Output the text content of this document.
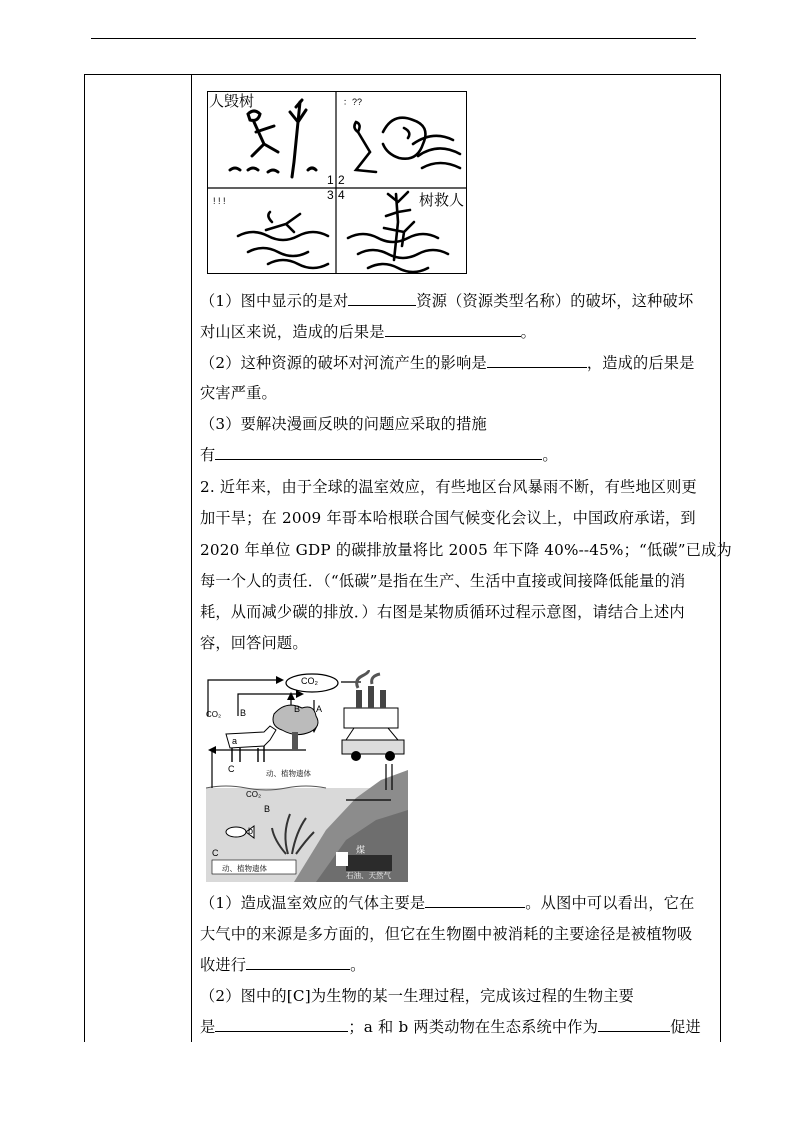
人毁树	：??
! ! !	树救人
1 2
3 4
（1）图中显示的是对	资源（资源类型名称）的破坏，这种破坏
对山区来说，造成的后果是	。
（2）这种资源的破坏对河流产生的影响是	，造成的后果是
灾害严重。
（3）要解决漫画反映的问题应采取的措施
有	。
2. 近年来，由于全球的温室效应，有些地区台风暴雨不断，有些地区则更
加干旱；在 2009 年哥本哈根联合国气候变化会议上，中国政府承诺，到
2020 年单位 GDP 的碳排放量将比 2005 年下降 40%--45%；“低碳”已成为
每一个人的责任．（“低碳”是指在生产、生活中直接或间接降低能量的消
耗，从而减少碳的排放．）右图是某物质循环过程示意图，请结合上述内
容，回答问题。
CO₂
CO₂
CO₂
A
B
B
C
C
a
b
B
动、植物遗体
动、植物遗体
煤
石油、天然气
（1）造成温室效应的气体主要是	。从图中可以看出，它在
大气中的来源是多方面的，但它在生物圈中被消耗的主要途径是被植物吸
收进行	。
（2）图中的[C]为生物的某一生理过程，完成该过程的生物主要
是	；a 和 b 两类动物在生态系统中作为	促进
